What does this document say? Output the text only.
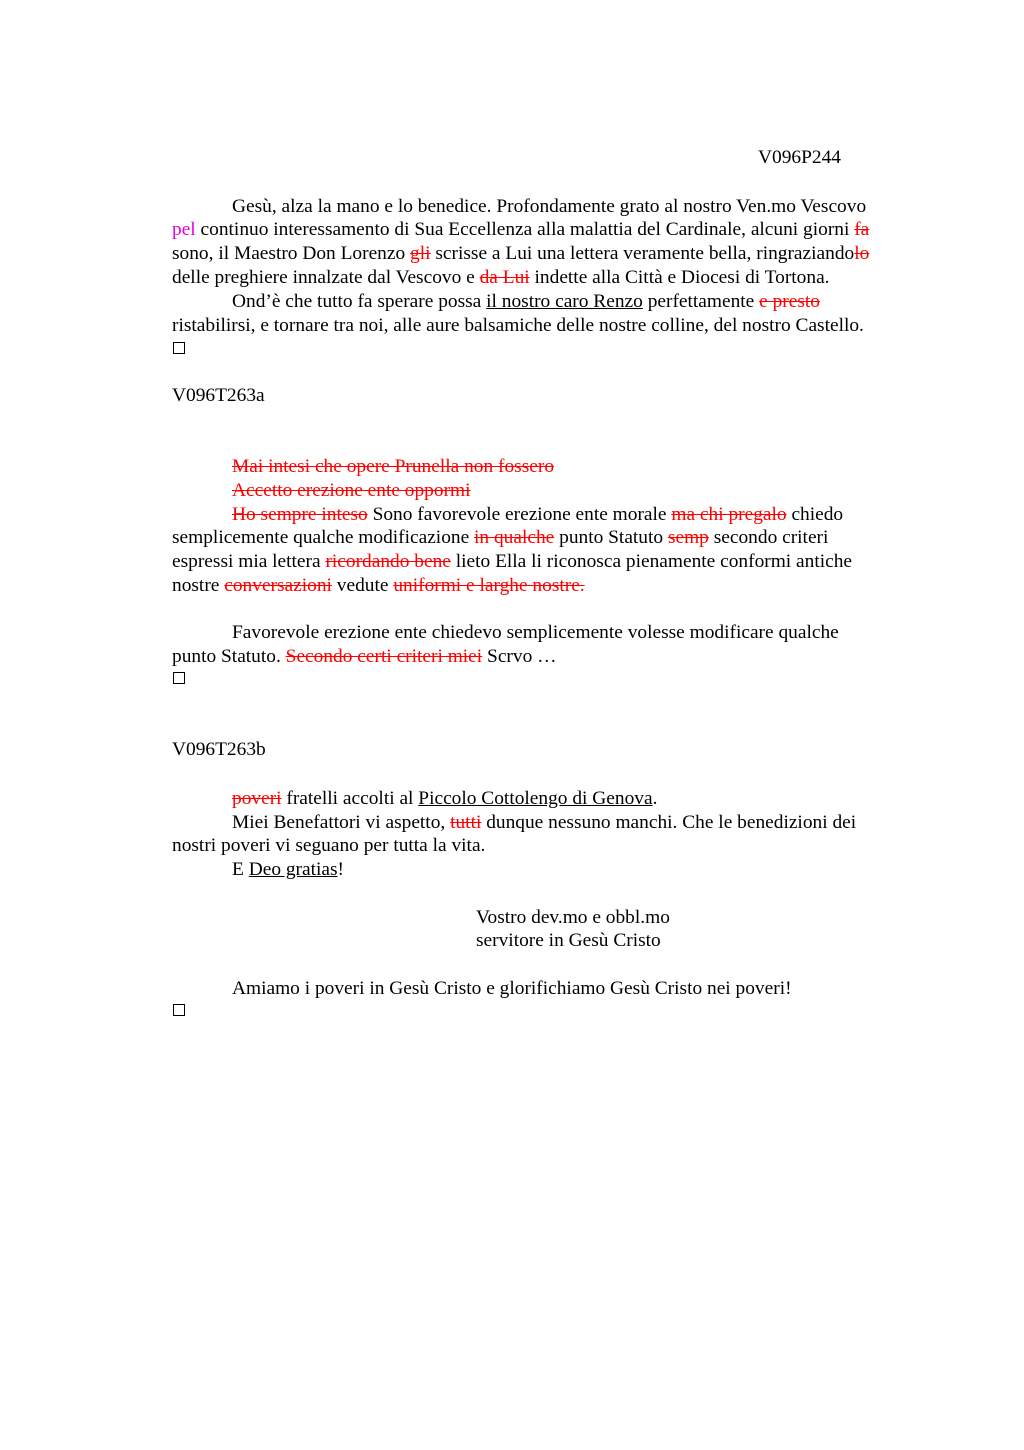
V096P244
Gesù, alza la mano e lo benedice. Profondamente grato al nostro Ven.mo Vescovo
pel continuo interessamento di Sua Eccellenza alla malattia del Cardinale, alcuni giorni fa
sono, il Maestro Don Lorenzo gli scrisse a Lui una lettera veramente bella, ringraziandolo
delle preghiere innalzate dal Vescovo e da Lui indette alla Città e Diocesi di Tortona.
Ond’è che tutto fa sperare possa il nostro caro Renzo perfettamente e presto
ristabilirsi, e tornare tra noi, alle aure balsamiche delle nostre colline, del nostro Castello.
V096T263a
Mai intesi che opere Prunella non fossero
Accetto erezione ente oppormi
Ho sempre inteso Sono favorevole erezione ente morale ma chi pregalo chiedo
semplicemente qualche modificazione in qualche punto Statuto semp secondo criteri
espressi mia lettera ricordando bene lieto Ella li riconosca pienamente conformi antiche
nostre conversazioni vedute uniformi e larghe nostre.
Favorevole erezione ente chiedevo semplicemente volesse modificare qualche
punto Statuto. Secondo certi criteri miei Scrvo …
V096T263b
poveri fratelli accolti al Piccolo Cottolengo di Genova.
Miei Benefattori vi aspetto, tutti dunque nessuno manchi. Che le benedizioni dei
nostri poveri vi seguano per tutta la vita.
E Deo gratias!
Vostro dev.mo e obbl.mo
servitore in Gesù Cristo
Amiamo i poveri in Gesù Cristo e glorifichiamo Gesù Cristo nei poveri!
